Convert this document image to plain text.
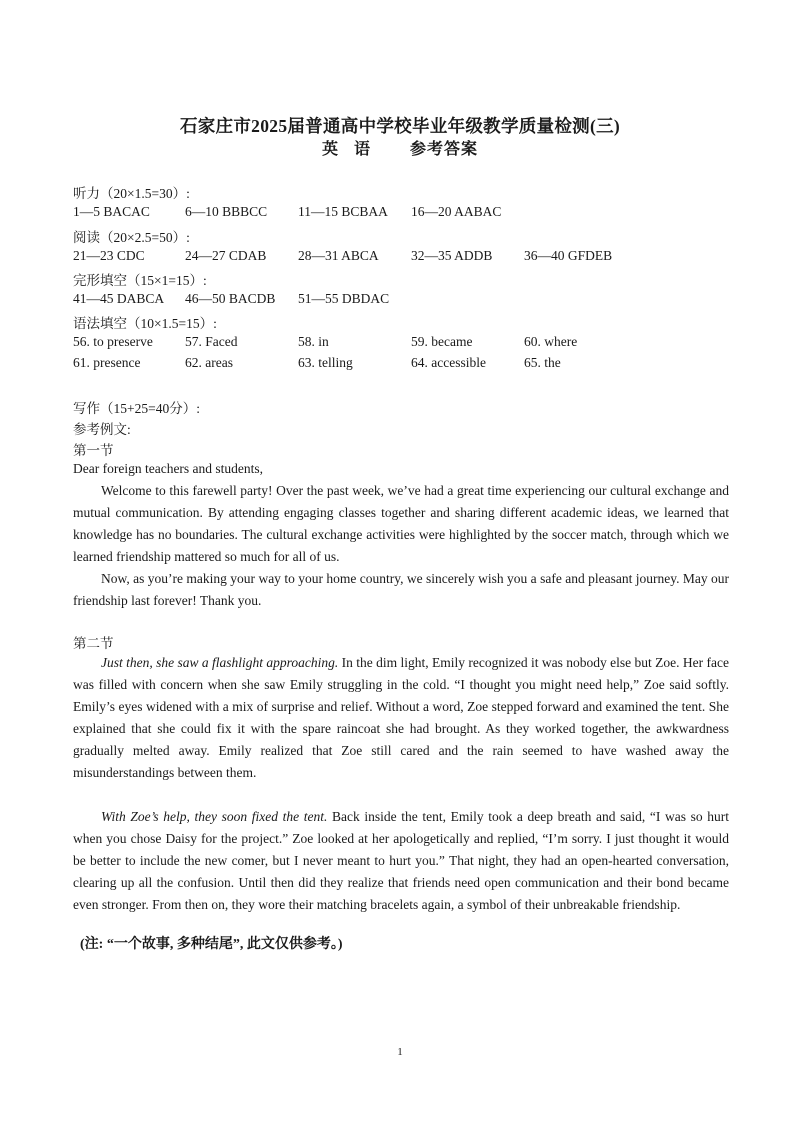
石家庄市2025届普通高中学校毕业年级教学质量检测(三)
英语 参考答案
听力（20×1.5=30）:
1—5 BACAC	6—10 BBBCC 11—15 BCBAA 16—20 AABAC
阅读（20×2.5=50）:
21—23 CDC	24—27 CDAB 28—31 ABCA 32—35 ADDB 36—40 GFDEB
完形填空（15×1=15）:
41—45 DABCA 46—50 BACDB 51—55 DBDAC
语法填空（10×1.5=15）:
56. to preserve 57. Faced	58. in	59. became	60. where
61. presence	62. areas	63. telling	64. accessible	65. the
写作（15+25=40分）:
参考例文:
第一节
Dear foreign teachers and students,
Welcome to this farewell party! Over the past week, we’ve had a great time experiencing our cultural exchange and mutual communication. By attending engaging classes together and sharing different academic ideas, we learned that knowledge has no boundaries. The cultural exchange activities were highlighted by the soccer match, through which we learned friendship mattered so much for all of us.
Now, as you’re making your way to your home country, we sincerely wish you a safe and pleasant journey. May our friendship last forever! Thank you.
第二节
Just then, she saw a flashlight approaching. In the dim light, Emily recognized it was nobody else but Zoe. Her face was filled with concern when she saw Emily struggling in the cold. “I thought you might need help,” Zoe said softly. Emily’s eyes widened with a mix of surprise and relief. Without a word, Zoe stepped forward and examined the tent. She explained that she could fix it with the spare raincoat she had brought. As they worked together, the awkwardness gradually melted away. Emily realized that Zoe still cared and the rain seemed to have washed away the misunderstandings between them.
With Zoe’s help, they soon fixed the tent. Back inside the tent, Emily took a deep breath and said, “I was so hurt when you chose Daisy for the project.” Zoe looked at her apologetically and replied, “I’m sorry. I just thought it would be better to include the new comer, but I never meant to hurt you.” That night, they had an open-hearted conversation, clearing up all the confusion. Until then did they realize that friends need open communication and their bond became even stronger. From then on, they wore their matching bracelets again, a symbol of their unbreakable friendship.
(注: “一个故事, 多种结尾”, 此文仅供参考。)
1
